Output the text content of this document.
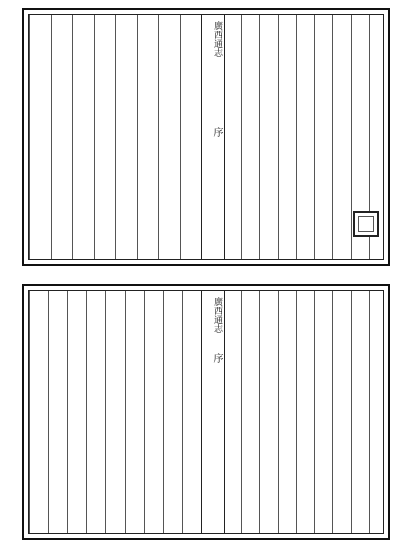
廣西通志
序
廣西通志
序
